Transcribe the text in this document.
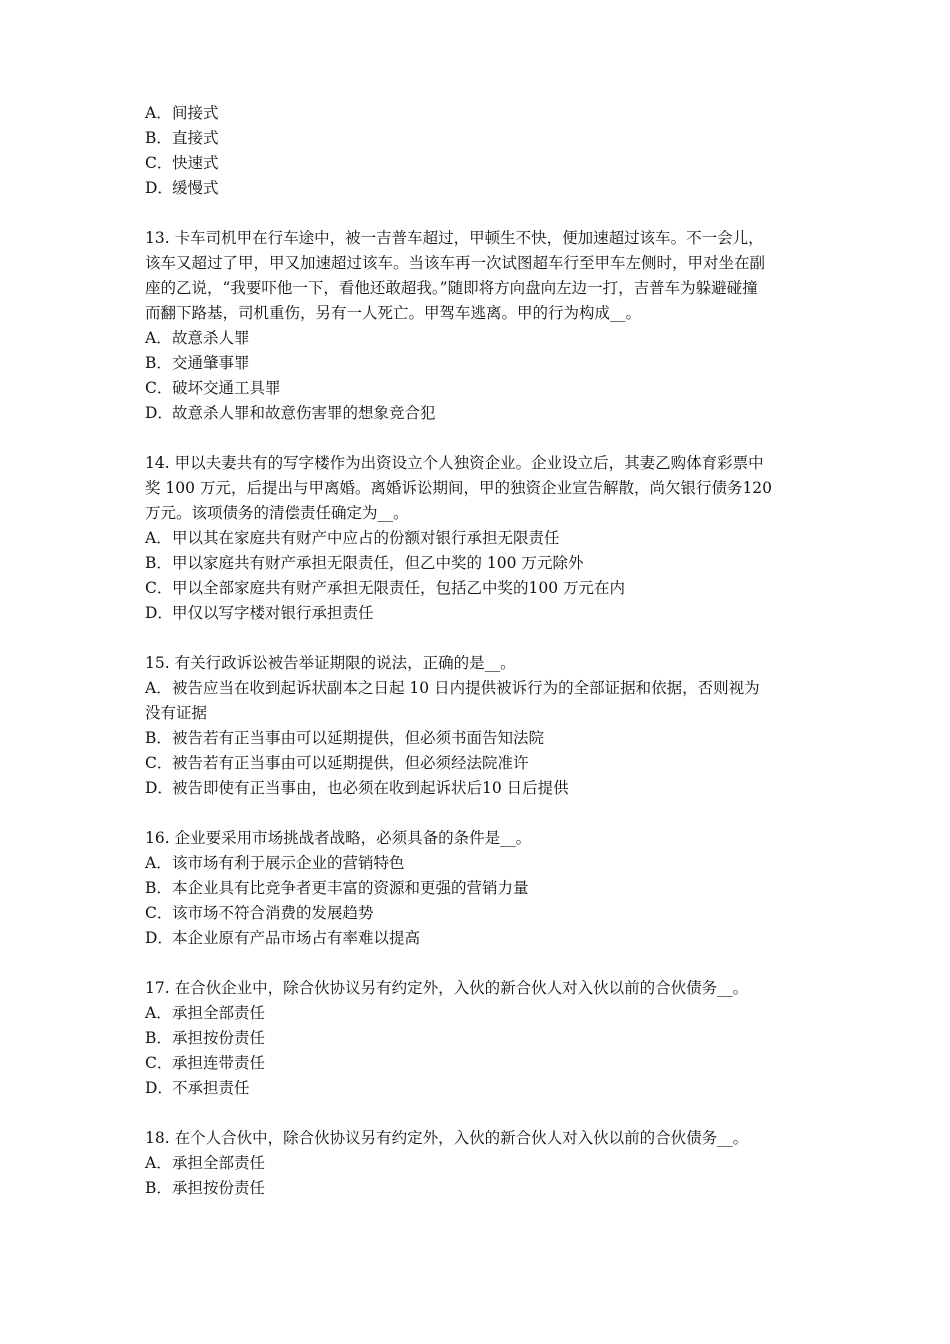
A．间接式

B．直接式

C．快速式

D．缓慢式

13. 卡车司机甲在行车途中，被一吉普车超过，甲顿生不快，便加速超过该车。不一会儿，

该车又超过了甲，甲又加速超过该车。当该车再一次试图超车行至甲车左侧时，甲对坐在副

座的乙说，“我要吓他一下，看他还敢超我。”随即将方向盘向左边一打，吉普车为躲避碰撞

而翻下路基，司机重伤，另有一人死亡。甲驾车逃离。甲的行为构成__。

A．故意杀人罪

B．交通肇事罪

C．破坏交通工具罪

D．故意杀人罪和故意伤害罪的想象竞合犯

14. 甲以夫妻共有的写字楼作为出资设立个人独资企业。企业设立后，其妻乙购体育彩票中

奖 100 万元，后提出与甲离婚。离婚诉讼期间，甲的独资企业宣告解散，尚欠银行债务120

万元。该项债务的清偿责任确定为__。

A．甲以其在家庭共有财产中应占的份额对银行承担无限责任

B．甲以家庭共有财产承担无限责任，但乙中奖的 100 万元除外

C．甲以全部家庭共有财产承担无限责任，包括乙中奖的100 万元在内

D．甲仅以写字楼对银行承担责任

15. 有关行政诉讼被告举证期限的说法，正确的是__。

A．被告应当在收到起诉状副本之日起 10 日内提供被诉行为的全部证据和依据，否则视为

没有证据

B．被告若有正当事由可以延期提供，但必须书面告知法院

C．被告若有正当事由可以延期提供，但必须经法院准许

D．被告即使有正当事由，也必须在收到起诉状后10 日后提供

16. 企业要采用市场挑战者战略，必须具备的条件是__。

A．该市场有利于展示企业的营销特色

B．本企业具有比竞争者更丰富的资源和更强的营销力量

C．该市场不符合消费的发展趋势

D．本企业原有产品市场占有率难以提高

17. 在合伙企业中，除合伙协议另有约定外，入伙的新合伙人对入伙以前的合伙债务__。

A．承担全部责任

B．承担按份责任

C．承担连带责任

D．不承担责任

18. 在个人合伙中，除合伙协议另有约定外，入伙的新合伙人对入伙以前的合伙债务__。

A．承担全部责任

B．承担按份责任
